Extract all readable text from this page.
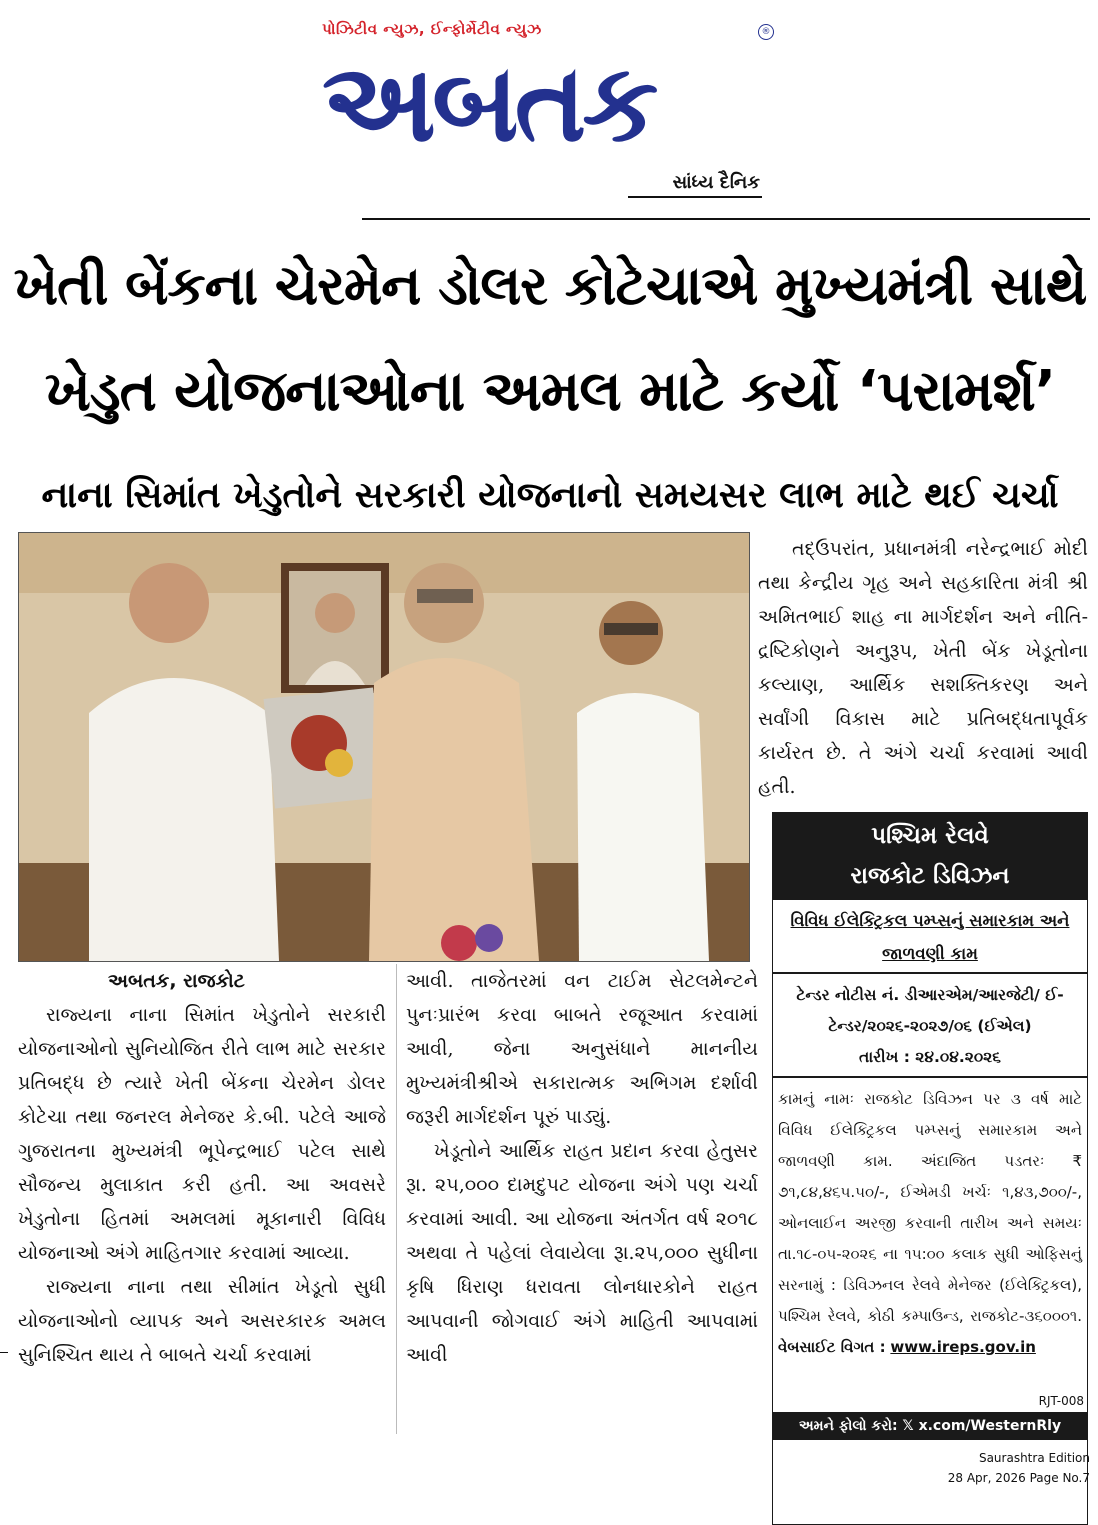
પોઝિટીવ ન્યુઝ, ઈન્ફોર્મેટીવ ન્યુઝ
અબતક
®
સાંધ્ય દૈનિક
ખેતી બેંકના ચેરમેન ડોલર કોટેચાએ મુખ્યમંત્રી સાથે
ખેડુત યોજનાઓના અમલ માટે કર્યો ‘પરામર્શ’
નાના સિમાંત ખેડુતોને સરકારી યોજનાનો સમયસર લાભ માટે થઈ ચર્ચા
તદ્‌ઉપરાંત, પ્રધાનમંત્રી નરેન્દ્રભાઈ મોદી તથા કેન્દ્રીય ગૃહ અને સહકારિતા મંત્રી શ્રી અમિતભાઈ શાહ ના માર્ગદર્શન અને નીતિ-દ્રષ્ટિકોણને અનુરૂપ, ખેતી બેંક ખેડૂતોના કલ્યાણ, આર્થિક સશક્તિકરણ અને સર્વાંગી વિકાસ માટે પ્રતિબદ્ધતાપૂર્વક કાર્યરત છે. તે અંગે ચર્ચા કરવામાં આવી હતી.
પશ્ચિમ રેલવે
રાજકોટ ડિવિઝન
વિવિધ ઈલેક્ટ્રિકલ પમ્પ્સનું સમારકામ અને જાળવણી કામ
ટેન્ડર નોટીસ નં. ડીઆરએમ/આરજેટી/ ઈ-ટેન્ડર/૨૦૨૬-૨૦૨૭/૦૬ (ઈએલ)
તારીખ : ૨૪.૦૪.૨૦૨૬
કામનું નામઃ રાજકોટ ડિવિઝન પર ૩ વર્ષ માટે વિવિધ ઈલેક્ટ્રિકલ પમ્પ્સનું સમારકામ અને જાળવણી કામ. અંદાજિત પડતરઃ ₹ ૭૧,૮૪,૪૬૫.૫૦/-, ઈએમડી ખર્ચઃ ૧,૪૩,૭૦૦/-, ઓનલાઈન અરજી કરવાની તારીખ અને સમયઃ તા.૧૮-૦૫-૨૦૨૬ ના ૧૫:૦૦ કલાક સુધી ઓફિસનું સરનામું : ડિવિઝનલ રેલવે મેનેજર (ઈલેક્ટ્રિકલ), પશ્ચિમ રેલવે, કોઠી કમ્પાઉન્ડ, રાજકોટ-૩૬૦૦૦૧. વેબસાઈટ વિગત : www.ireps.gov.in
RJT-008
અમને ફોલો કરો: 𝕏 x.com/WesternRly
અબતક, રાજકોટ

રાજ્યના નાના સિમાંત ખેડુતોને સરકારી યોજનાઓનો સુનિયોજિત રીતે લાભ માટે સરકાર પ્રતિબદ્ધ છે ત્યારે ખેતી બેંકના ચેરમેન ડોલર કોટેચા તથા જનરલ મેનેજર કે.બી. પટેલે આજે ગુજરાતના મુખ્યમંત્રી ભૂપેન્દ્રભાઈ પટેલ સાથે સૌજન્ય મુલાકાત કરી હતી. આ અવસરે ખેડુતોના હિતમાં અમલમાં મૂકાનારી વિવિધ યોજનાઓ અંગે માહિતગાર કરવામાં આવ્યા.

રાજ્યના નાના તથા સીમાંત ખેડૂતો સુધી યોજનાઓનો વ્યાપક અને અસરકારક અમલ સુનિશ્ચિત થાય તે બાબતે ચર્ચા કરવામાં

આવી. તાજેતરમાં વન ટાઈમ સેટલમેન્ટને પુનઃપ્રારંભ કરવા બાબતે રજૂઆત કરવામાં આવી, જેના અનુસંધાને માનનીય મુખ્યમંત્રીશ્રીએ સકારાત્મક અભિગમ દર્શાવી જરૂરી માર્ગદર્શન પૂરું પાડ્યું.

ખેડૂતોને આર્થિક રાહત પ્રદાન કરવા હેતુસર રૂા. ૨૫,૦૦૦ દામદુપટ યોજના અંગે પણ ચર્ચા કરવામાં આવી. આ યોજના અંતર્ગત વર્ષ ૨૦૧૮ અથવા તે પહેલાં લેવાયેલા રૂા.૨૫,૦૦૦ સુધીના કૃષિ ધિરાણ ધરાવતા લોનધારકોને રાહત આપવાની જોગવાઈ અંગે માહિતી આપવામાં આવી

Saurashtra Edition
28 Apr, 2026 Page No.7
